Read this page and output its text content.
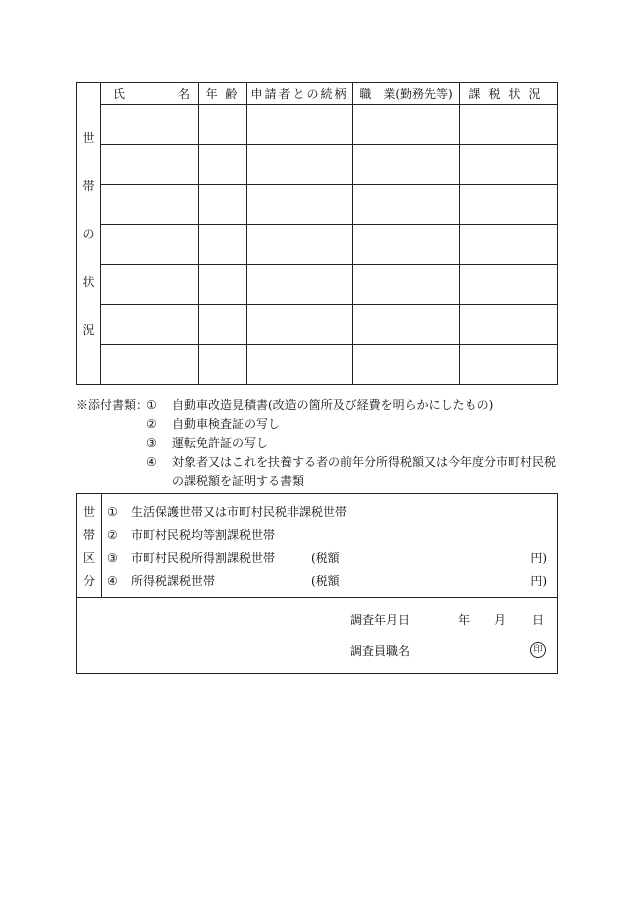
世
帯
の
状
況	氏 名	年 齢	申請者との続柄	職　業(勤務先等)	課税状況

※添付書類：
①	自動車改造見積書(改造の箇所及び経費を明らかにしたもの)
②	自動車検査証の写し
③	運転免許証の写し
④	対象者又はこれを扶養する者の前年分所得税額又は今年度分市町村民税
の課税額を証明する書類
世
帯
区
分
① 生活保護世帯又は市町村民税非課税世帯
② 市町村民税均等割課税世帯
③ 市町村民税所得割課税世帯	(税額	円)
④ 所得税課税世帯	(税額	円)
調査年月日	年 月 日
調査員職名	印
